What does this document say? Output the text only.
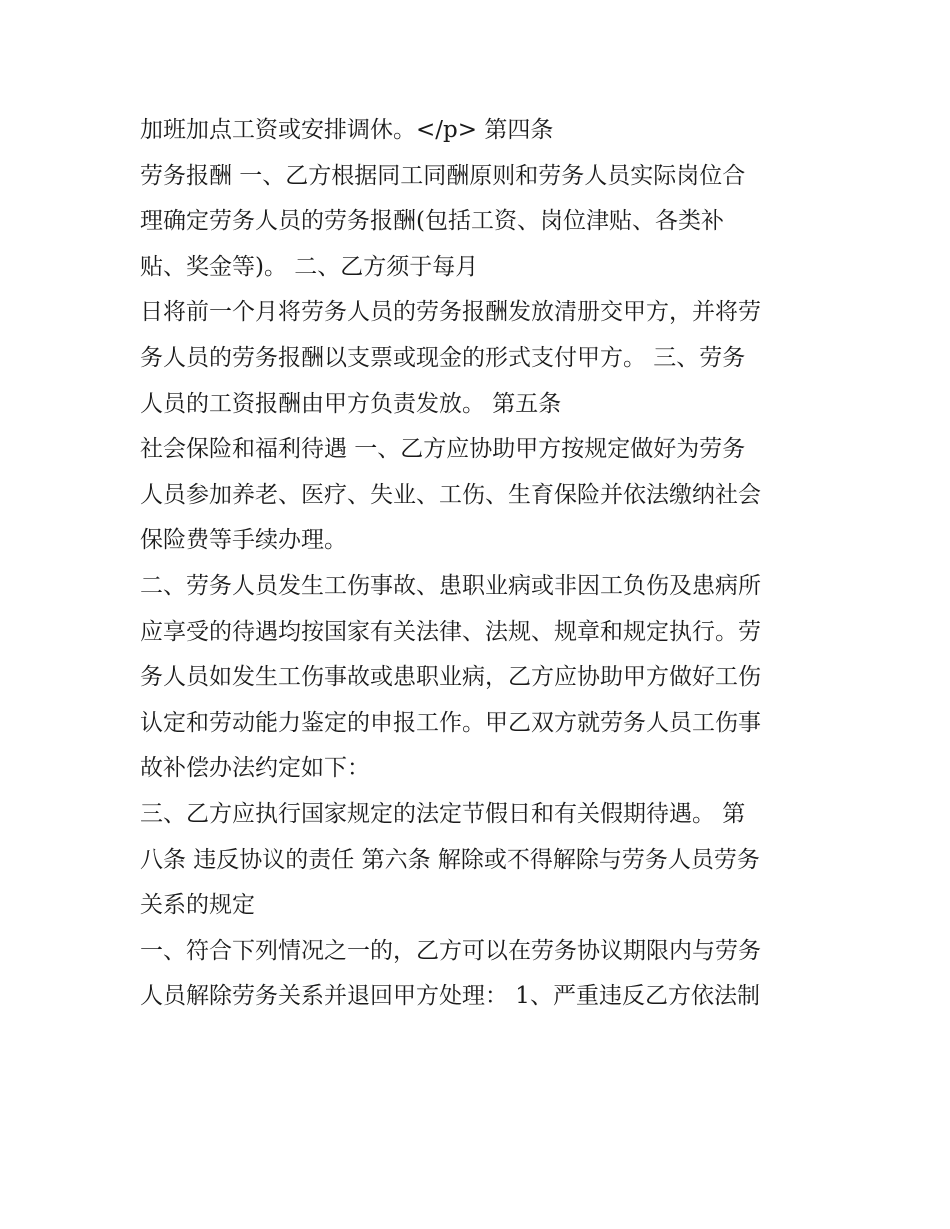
加班加点工资或安排调休。</p> 第四条
劳务报酬 一、乙方根据同工同酬原则和劳务人员实际岗位合
理确定劳务人员的劳务报酬(包括工资、岗位津贴、各类补
贴、奖金等)。 二、乙方须于每月
日将前一个月将劳务人员的劳务报酬发放清册交甲方，并将劳
务人员的劳务报酬以支票或现金的形式支付甲方。 三、劳务
人员的工资报酬由甲方负责发放。 第五条
社会保险和福利待遇 一、乙方应协助甲方按规定做好为劳务
人员参加养老、医疗、失业、工伤、生育保险并依法缴纳社会
保险费等手续办理。
二、劳务人员发生工伤事故、患职业病或非因工负伤及患病所
应享受的待遇均按国家有关法律、法规、规章和规定执行。劳
务人员如发生工伤事故或患职业病，乙方应协助甲方做好工伤
认定和劳动能力鉴定的申报工作。甲乙双方就劳务人员工伤事
故补偿办法约定如下：
三、乙方应执行国家规定的法定节假日和有关假期待遇。 第
八条 违反协议的责任 第六条 解除或不得解除与劳务人员劳务
关系的规定
一、符合下列情况之一的，乙方可以在劳务协议期限内与劳务
人员解除劳务关系并退回甲方处理： 1、严重违反乙方依法制
